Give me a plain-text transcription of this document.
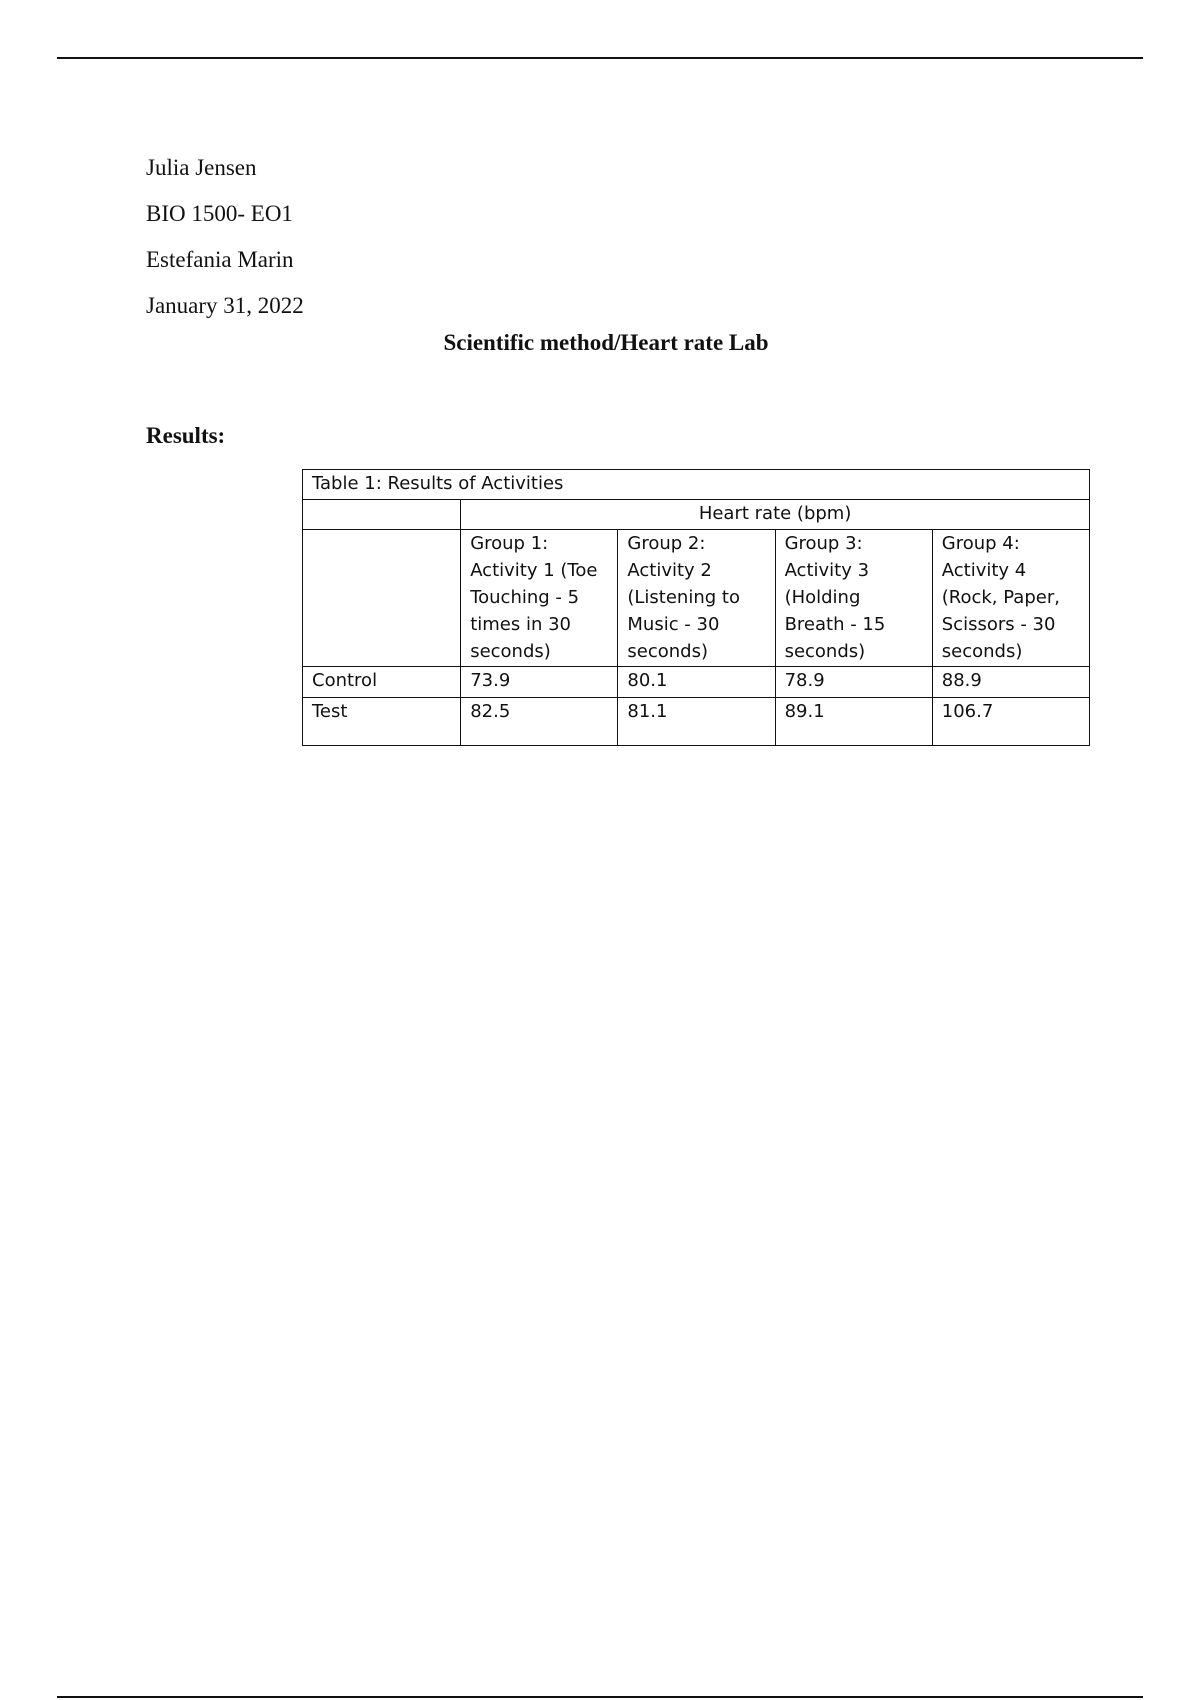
Julia Jensen
BIO 1500- EO1
Estefania Marin
January 31, 2022
Scientific method/Heart rate Lab
Results:
Table 1: Results of Activities				
	Heart rate (bpm)			
	Group 1: Activity 1 (Toe Touching - 5 times in 30 seconds)	Group 2: Activity 2 (Listening to Music - 30 seconds)	Group 3: Activity 3 (Holding Breath - 15 seconds)	Group 4: Activity 4 (Rock, Paper, Scissors - 30 seconds)
Control	73.9	80.1	78.9	88.9
Test	82.5	81.1	89.1	106.7
